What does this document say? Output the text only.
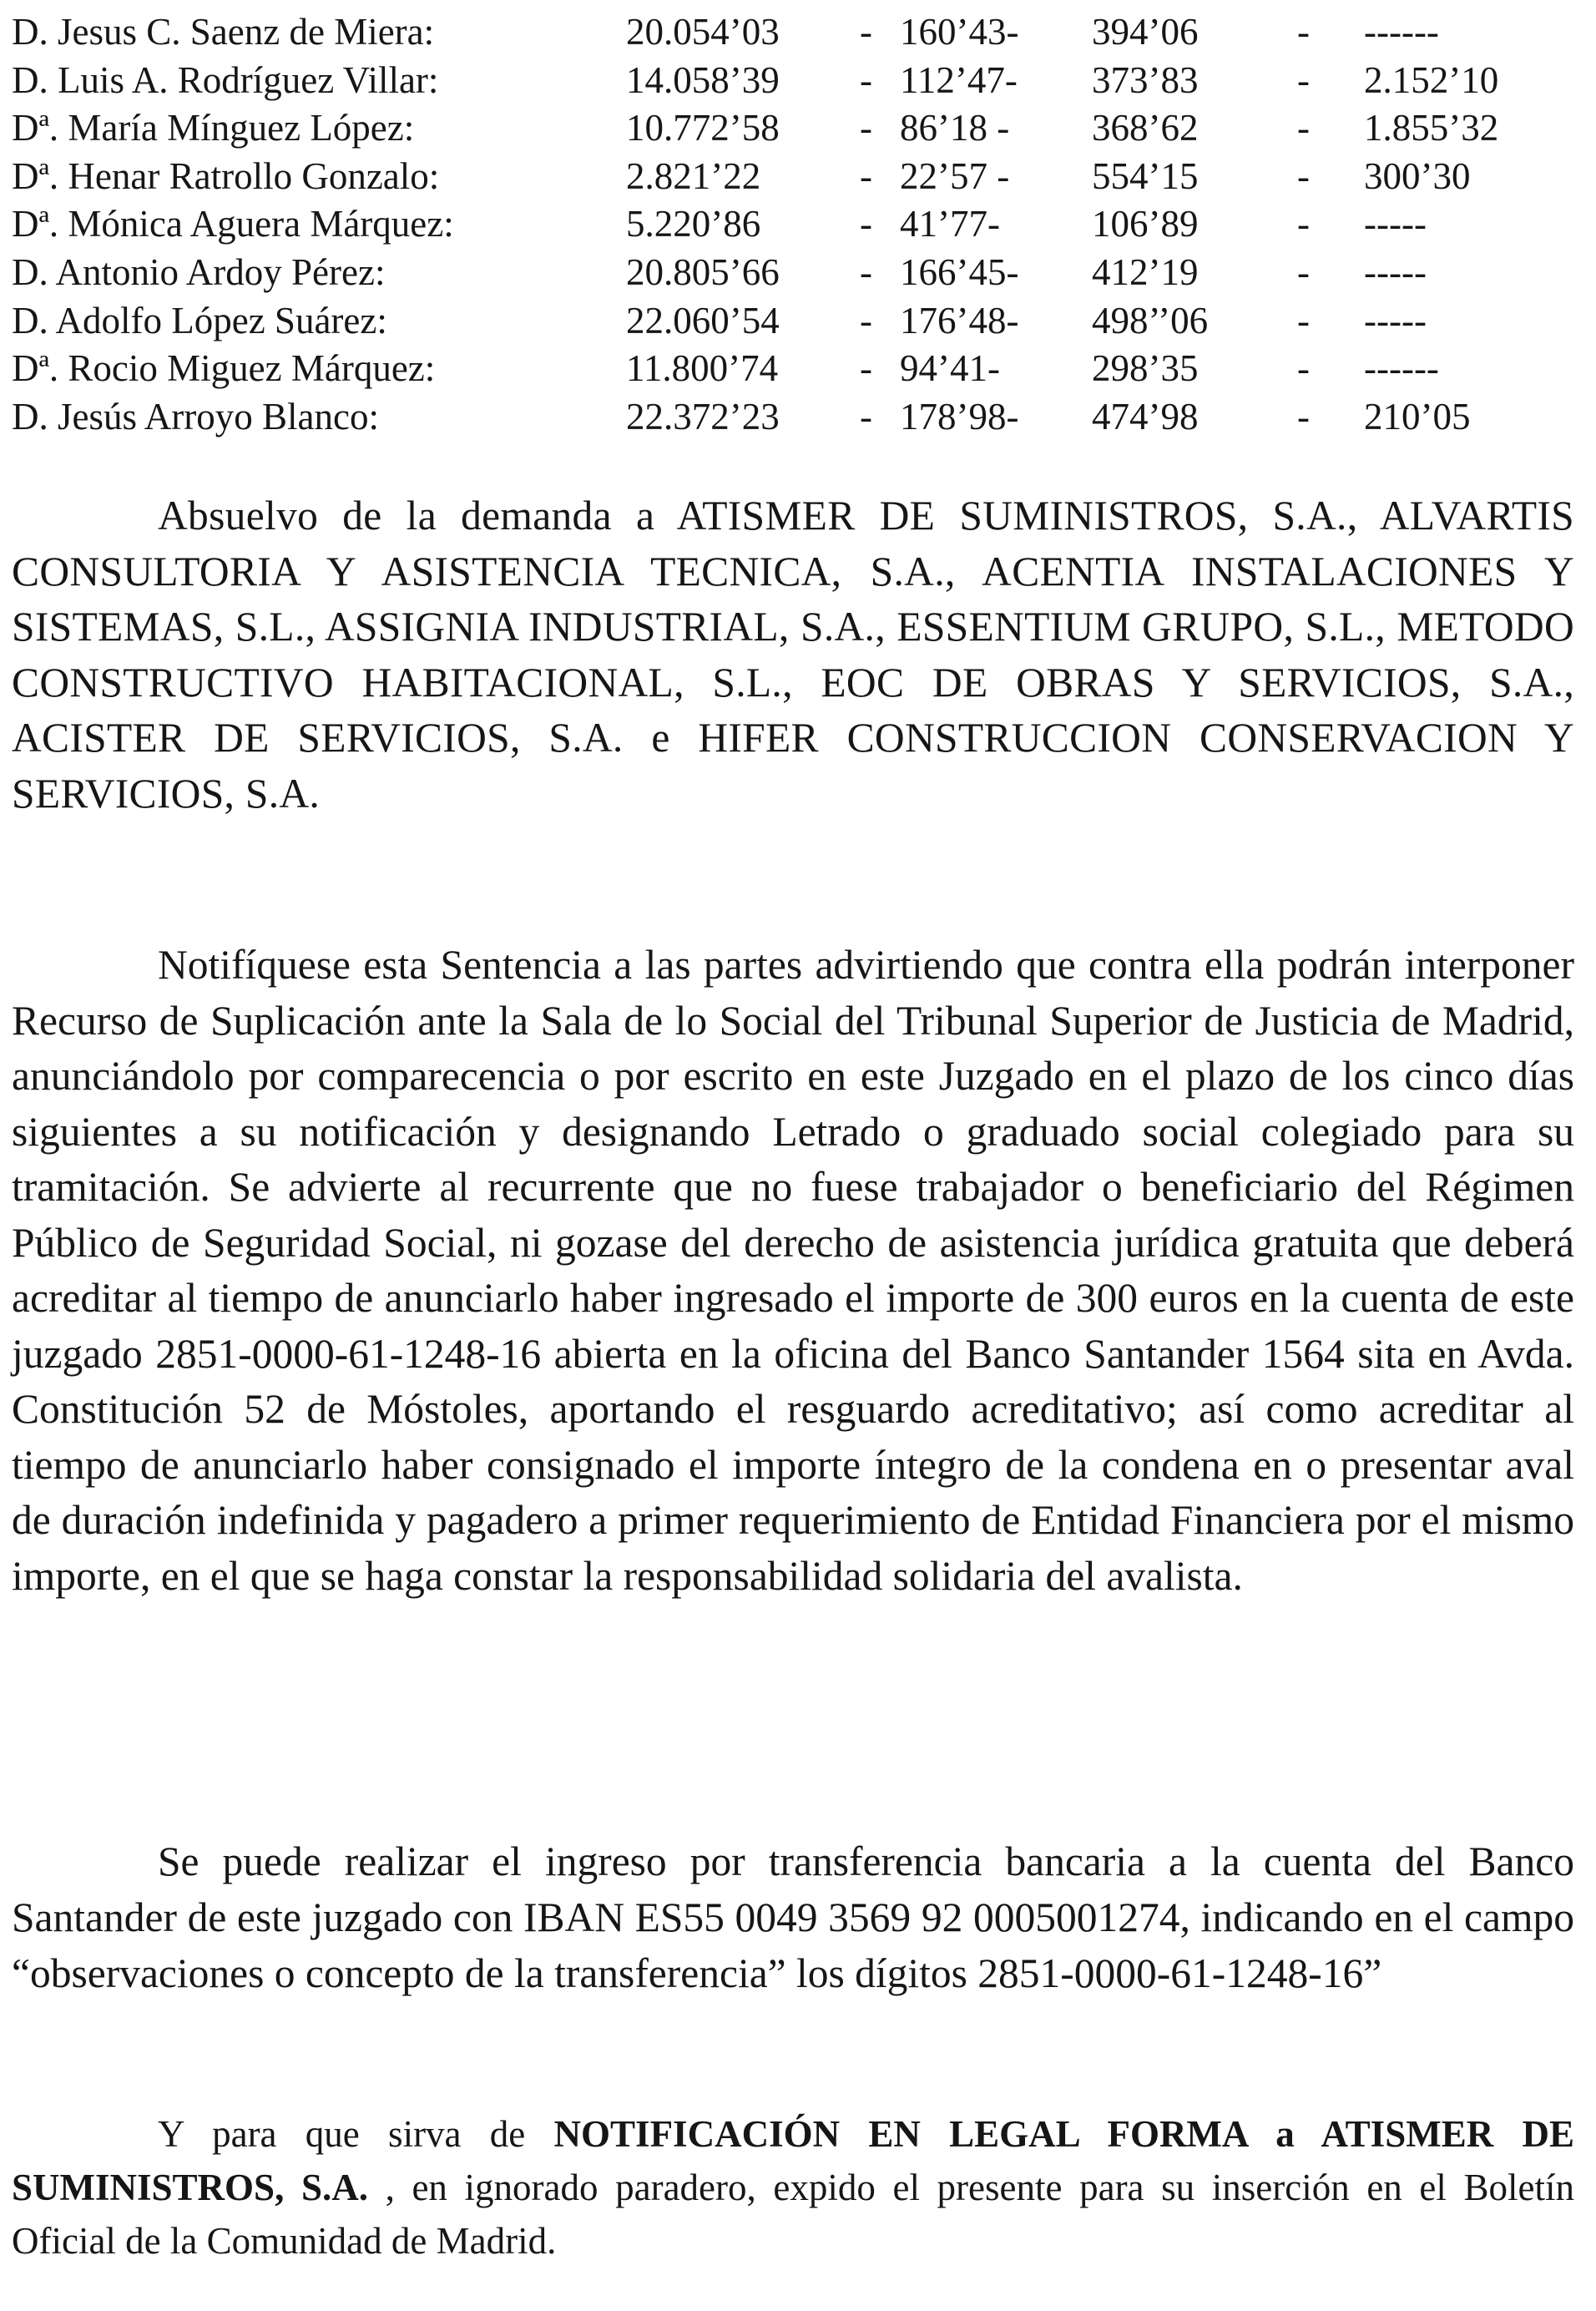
D. Jesus C. Saenz de Miera:	20.054’03 - 160’43- 394’06	- ------
D. Luis A. Rodríguez Villar:	14.058’39 - 112’47- 373’83	- 2.152’10
Dª. María Mínguez López:	10.772’58 - 86’18 - 368’62	- 1.855’32
Dª. Henar Ratrollo Gonzalo:	2.821’22	- 22’57 - 554’15	- 300’30
Dª. Mónica Aguera Márquez:	5.220’86	- 41’77- 106’89	- -----
D. Antonio Ardoy Pérez:	20.805’66 - 166’45- 412’19	- -----
D. Adolfo López Suárez:	22.060’54 - 176’48- 498’’06 - -----
Dª. Rocio Miguez Márquez:	11.800’74 - 94’41- 298’35	- ------
D. Jesús Arroyo Blanco:	22.372’23 - 178’98- 474’98	- 210’05

Absuelvo de la demanda a ATISMER DE SUMINISTROS, S.A., ALVARTIS CONSULTORIA Y ASISTENCIA TECNICA, S.A., ACENTIA INSTALACIONES Y SISTEMAS, S.L., ASSIGNIA INDUSTRIAL, S.A., ESSENTIUM GRUPO, S.L., METODO CONSTRUCTIVO HABITACIONAL, S.L., EOC DE OBRAS Y SERVICIOS, S.A., ACISTER DE SERVICIOS, S.A. e HIFER CONSTRUCCION CONSERVACION Y SERVICIOS, S.A.

Notifíquese esta Sentencia a las partes advirtiendo que contra ella podrán interponer Recurso de Suplicación ante la Sala de lo Social del Tribunal Superior de Justicia de Madrid, anunciándolo por comparecencia o por escrito en este Juzgado en el plazo de los cinco días siguientes a su notificación y designando Letrado o graduado social colegiado para su tramitación. Se advierte al recurrente que no fuese trabajador o beneficiario del Régimen Público de Seguridad Social, ni gozase del derecho de asistencia jurídica gratuita que deberá acreditar al tiempo de anunciarlo haber ingresado el importe de 300 euros en la cuenta de este juzgado 2851-0000-61-1248-16 abierta en la oficina del Banco Santander 1564 sita en Avda. Constitución 52 de Móstoles, aportando el resguardo acreditativo; así como acreditar al tiempo de anunciarlo haber consignado el importe íntegro de la condena en o presentar aval de duración indefinida y pagadero a primer requerimiento de Entidad Financiera por el mismo importe, en el que se haga constar la responsabilidad solidaria del avalista.

Se puede realizar el ingreso por transferencia bancaria a la cuenta del Banco Santander de este juzgado con IBAN ES55 0049 3569 92 0005001274, indicando en el campo “observaciones o concepto de la transferencia” los dígitos 2851-0000-61-1248-16”

Y para que sirva de NOTIFICACIÓN EN LEGAL FORMA a ATISMER DE SUMINISTROS, S.A. , en ignorado paradero, expido el presente para su inserción en el Boletín Oficial de la Comunidad de Madrid.
